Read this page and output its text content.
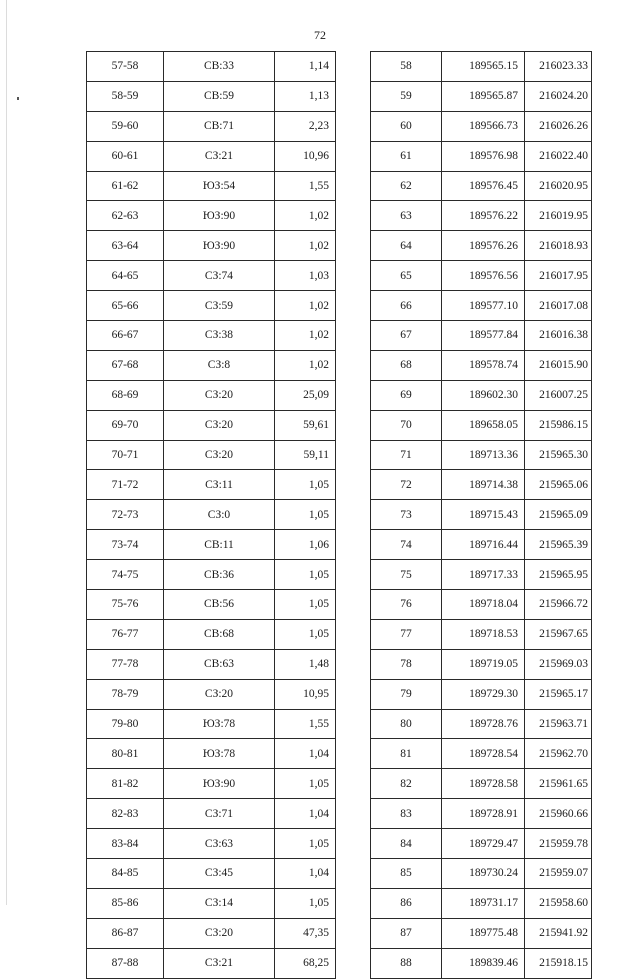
72
57-58	СВ:33	1,14	
58-59	СВ:59	1,13	
59-60	СВ:71	2,23	
60-61	СЗ:21	10,96	
61-62	ЮЗ:54	1,55	
62-63	ЮЗ:90	1,02	
63-64	ЮЗ:90	1,02	
64-65	СЗ:74	1,03	
65-66	СЗ:59	1,02	
66-67	СЗ:38	1,02	
67-68	СЗ:8	1,02	
68-69	СЗ:20	25,09	
69-70	СЗ:20	59,61	
70-71	СЗ:20	59,11	
71-72	СЗ:11	1,05	
72-73	СЗ:0	1,05	
73-74	СВ:11	1,06	
74-75	СВ:36	1,05	
75-76	СВ:56	1,05	
76-77	СВ:68	1,05	
77-78	СВ:63	1,48	
78-79	СЗ:20	10,95	
79-80	ЮЗ:78	1,55	
80-81	ЮЗ:78	1,04	
81-82	ЮЗ:90	1,05	
82-83	СЗ:71	1,04	
83-84	СЗ:63	1,05	
84-85	СЗ:45	1,04	
85-86	СЗ:14	1,05	
86-87	СЗ:20	47,35	
87-88	СЗ:21	68,25	
58	189565.15	216023.33
59	189565.87	216024.20
60	189566.73	216026.26
61	189576.98	216022.40
62	189576.45	216020.95
63	189576.22	216019.95
64	189576.26	216018.93
65	189576.56	216017.95
66	189577.10	216017.08
67	189577.84	216016.38
68	189578.74	216015.90
69	189602.30	216007.25
70	189658.05	215986.15
71	189713.36	215965.30
72	189714.38	215965.06
73	189715.43	215965.09
74	189716.44	215965.39
75	189717.33	215965.95
76	189718.04	215966.72
77	189718.53	215967.65
78	189719.05	215969.03
79	189729.30	215965.17
80	189728.76	215963.71
81	189728.54	215962.70
82	189728.58	215961.65
83	189728.91	215960.66
84	189729.47	215959.78
85	189730.24	215959.07
86	189731.17	215958.60
87	189775.48	215941.92
88	189839.46	215918.15
